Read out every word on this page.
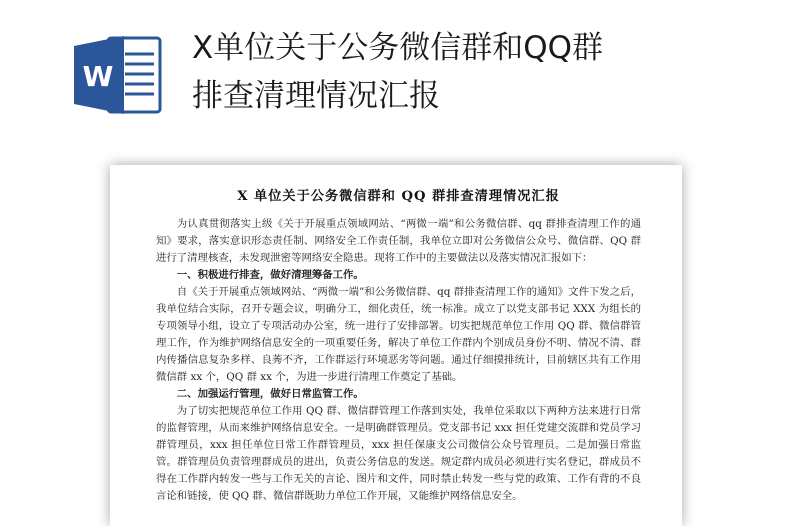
W
X单位关于公务微信群和QQ群
排查清理情况汇报

X 单位关于公务微信群和 QQ 群排查清理情况汇报

为认真贯彻落实上级《关于开展重点领域网站、“两微一端”和公务微信群、qq 群排查清理工作的通知》要求，落实意识形态责任制、网络安全工作责任制，我单位立即对公务微信公众号、微信群、QQ 群进行了清理核查，未发现泄密等网络安全隐患。现将工作中的主要做法以及落实情况汇报如下：

一、积极进行排查，做好清理筹备工作。

自《关于开展重点领域网站、“两微一端”和公务微信群、qq 群排查清理工作的通知》文件下发之后，我单位结合实际，召开专题会议，明确分工，细化责任，统一标准。成立了以党支部书记 XXX 为组长的专项领导小组，设立了专项活动办公室，统一进行了安排部署。切实把规范单位工作用 QQ 群、微信群管理工作，作为维护网络信息安全的一项重要任务，解决了单位工作群内个别成员身份不明、情况不清、群内传播信息复杂多样、良莠不齐，工作群运行环境恶劣等问题。通过仔细摸排统计，目前辖区共有工作用微信群 xx 个，QQ 群 xx 个，为进一步进行清理工作奠定了基础。

二、加强运行管理，做好日常监管工作。

为了切实把规范单位工作用 QQ 群、微信群管理工作落到实处，我单位采取以下两种方法来进行日常的监督管理，从而来维护网络信息安全。一是明确群管理员。党支部书记 xxx 担任党建交流群和党员学习群管理员，xxx 担任单位日常工作群管理员，xxx 担任保康支公司微信公众号管理员。二是加强日常监管。群管理员负责管理群成员的进出，负责公务信息的发送。规定群内成员必须进行实名登记，群成员不得在工作群内转发一些与工作无关的言论、图片和文件，同时禁止转发一些与党的政策、工作有背的不良言论和链接，使 QQ 群、微信群既助力单位工作开展，又能维护网络信息安全。
